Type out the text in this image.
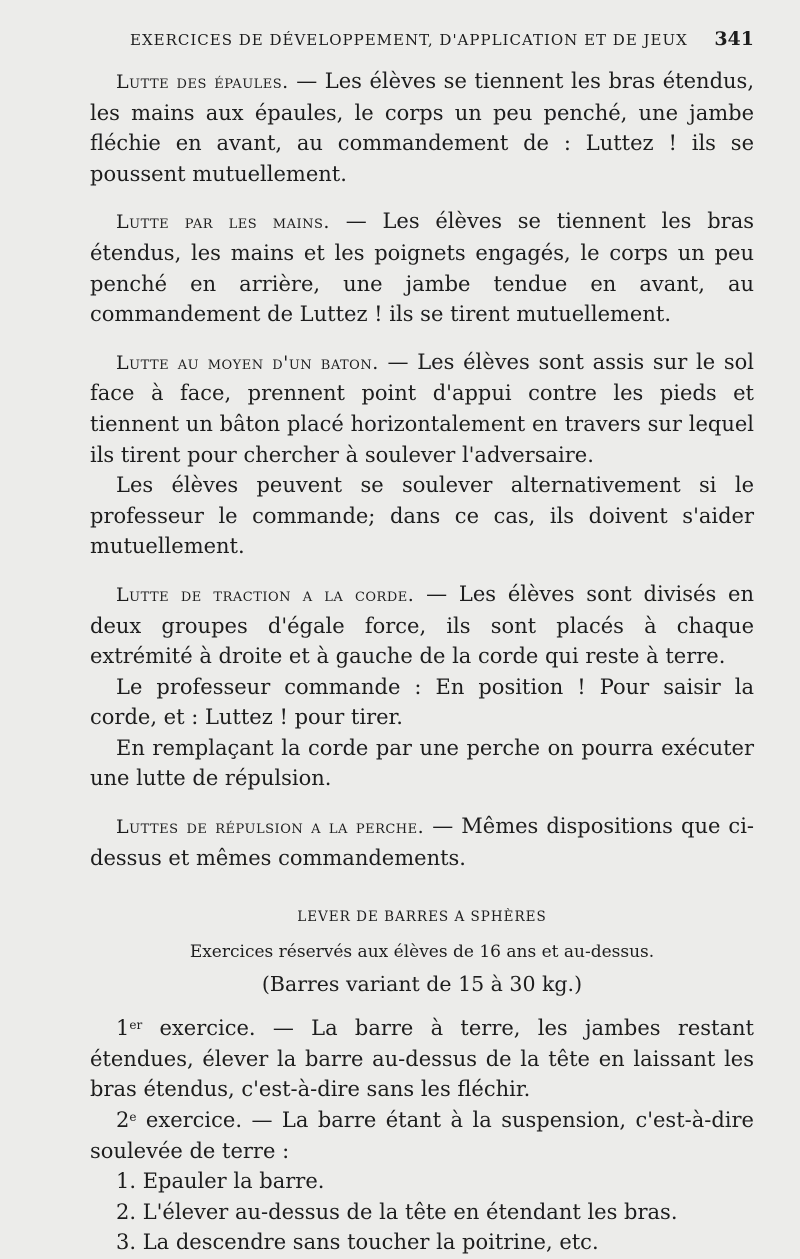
EXERCICES DE DÉVELOPPEMENT, D'APPLICATION ET DE JEUX 341

Lutte des épaules. — Les élèves se tiennent les bras étendus, les mains aux épaules, le corps un peu penché, une jambe fléchie en avant, au commandement de : Luttez ! ils se poussent mutuellement.

Lutte par les mains. — Les élèves se tiennent les bras étendus, les mains et les poignets engagés, le corps un peu penché en arrière, une jambe tendue en avant, au commandement de Luttez ! ils se tirent mutuellement.

Lutte au moyen d'un baton. — Les élèves sont assis sur le sol face à face, prennent point d'appui contre les pieds et tiennent un bâton placé horizontalement en travers sur lequel ils tirent pour chercher à soulever l'adversaire.

Les élèves peuvent se soulever alternativement si le professeur le commande; dans ce cas, ils doivent s'aider mutuellement.

Lutte de traction a la corde. — Les élèves sont divisés en deux groupes d'égale force, ils sont placés à chaque extrémité à droite et à gauche de la corde qui reste à terre.

Le professeur commande : En position ! Pour saisir la corde, et : Luttez ! pour tirer.

En remplaçant la corde par une perche on pourra exécuter une lutte de répulsion.

Luttes de répulsion a la perche. — Mêmes dispositions que ci-dessus et mêmes commandements.

LEVER DE BARRES A SPHÈRES

Exercices réservés aux élèves de 16 ans et au-dessus.

(Barres variant de 15 à 30 kg.)

1er exercice. — La barre à terre, les jambes restant étendues, élever la barre au-dessus de la tête en laissant les bras étendus, c'est-à-dire sans les fléchir.

2e exercice. — La barre étant à la suspension, c'est-à-dire soulevée de terre :

1. Epauler la barre.

2. L'élever au-dessus de la tête en étendant les bras.

3. La descendre sans toucher la poitrine, etc.
